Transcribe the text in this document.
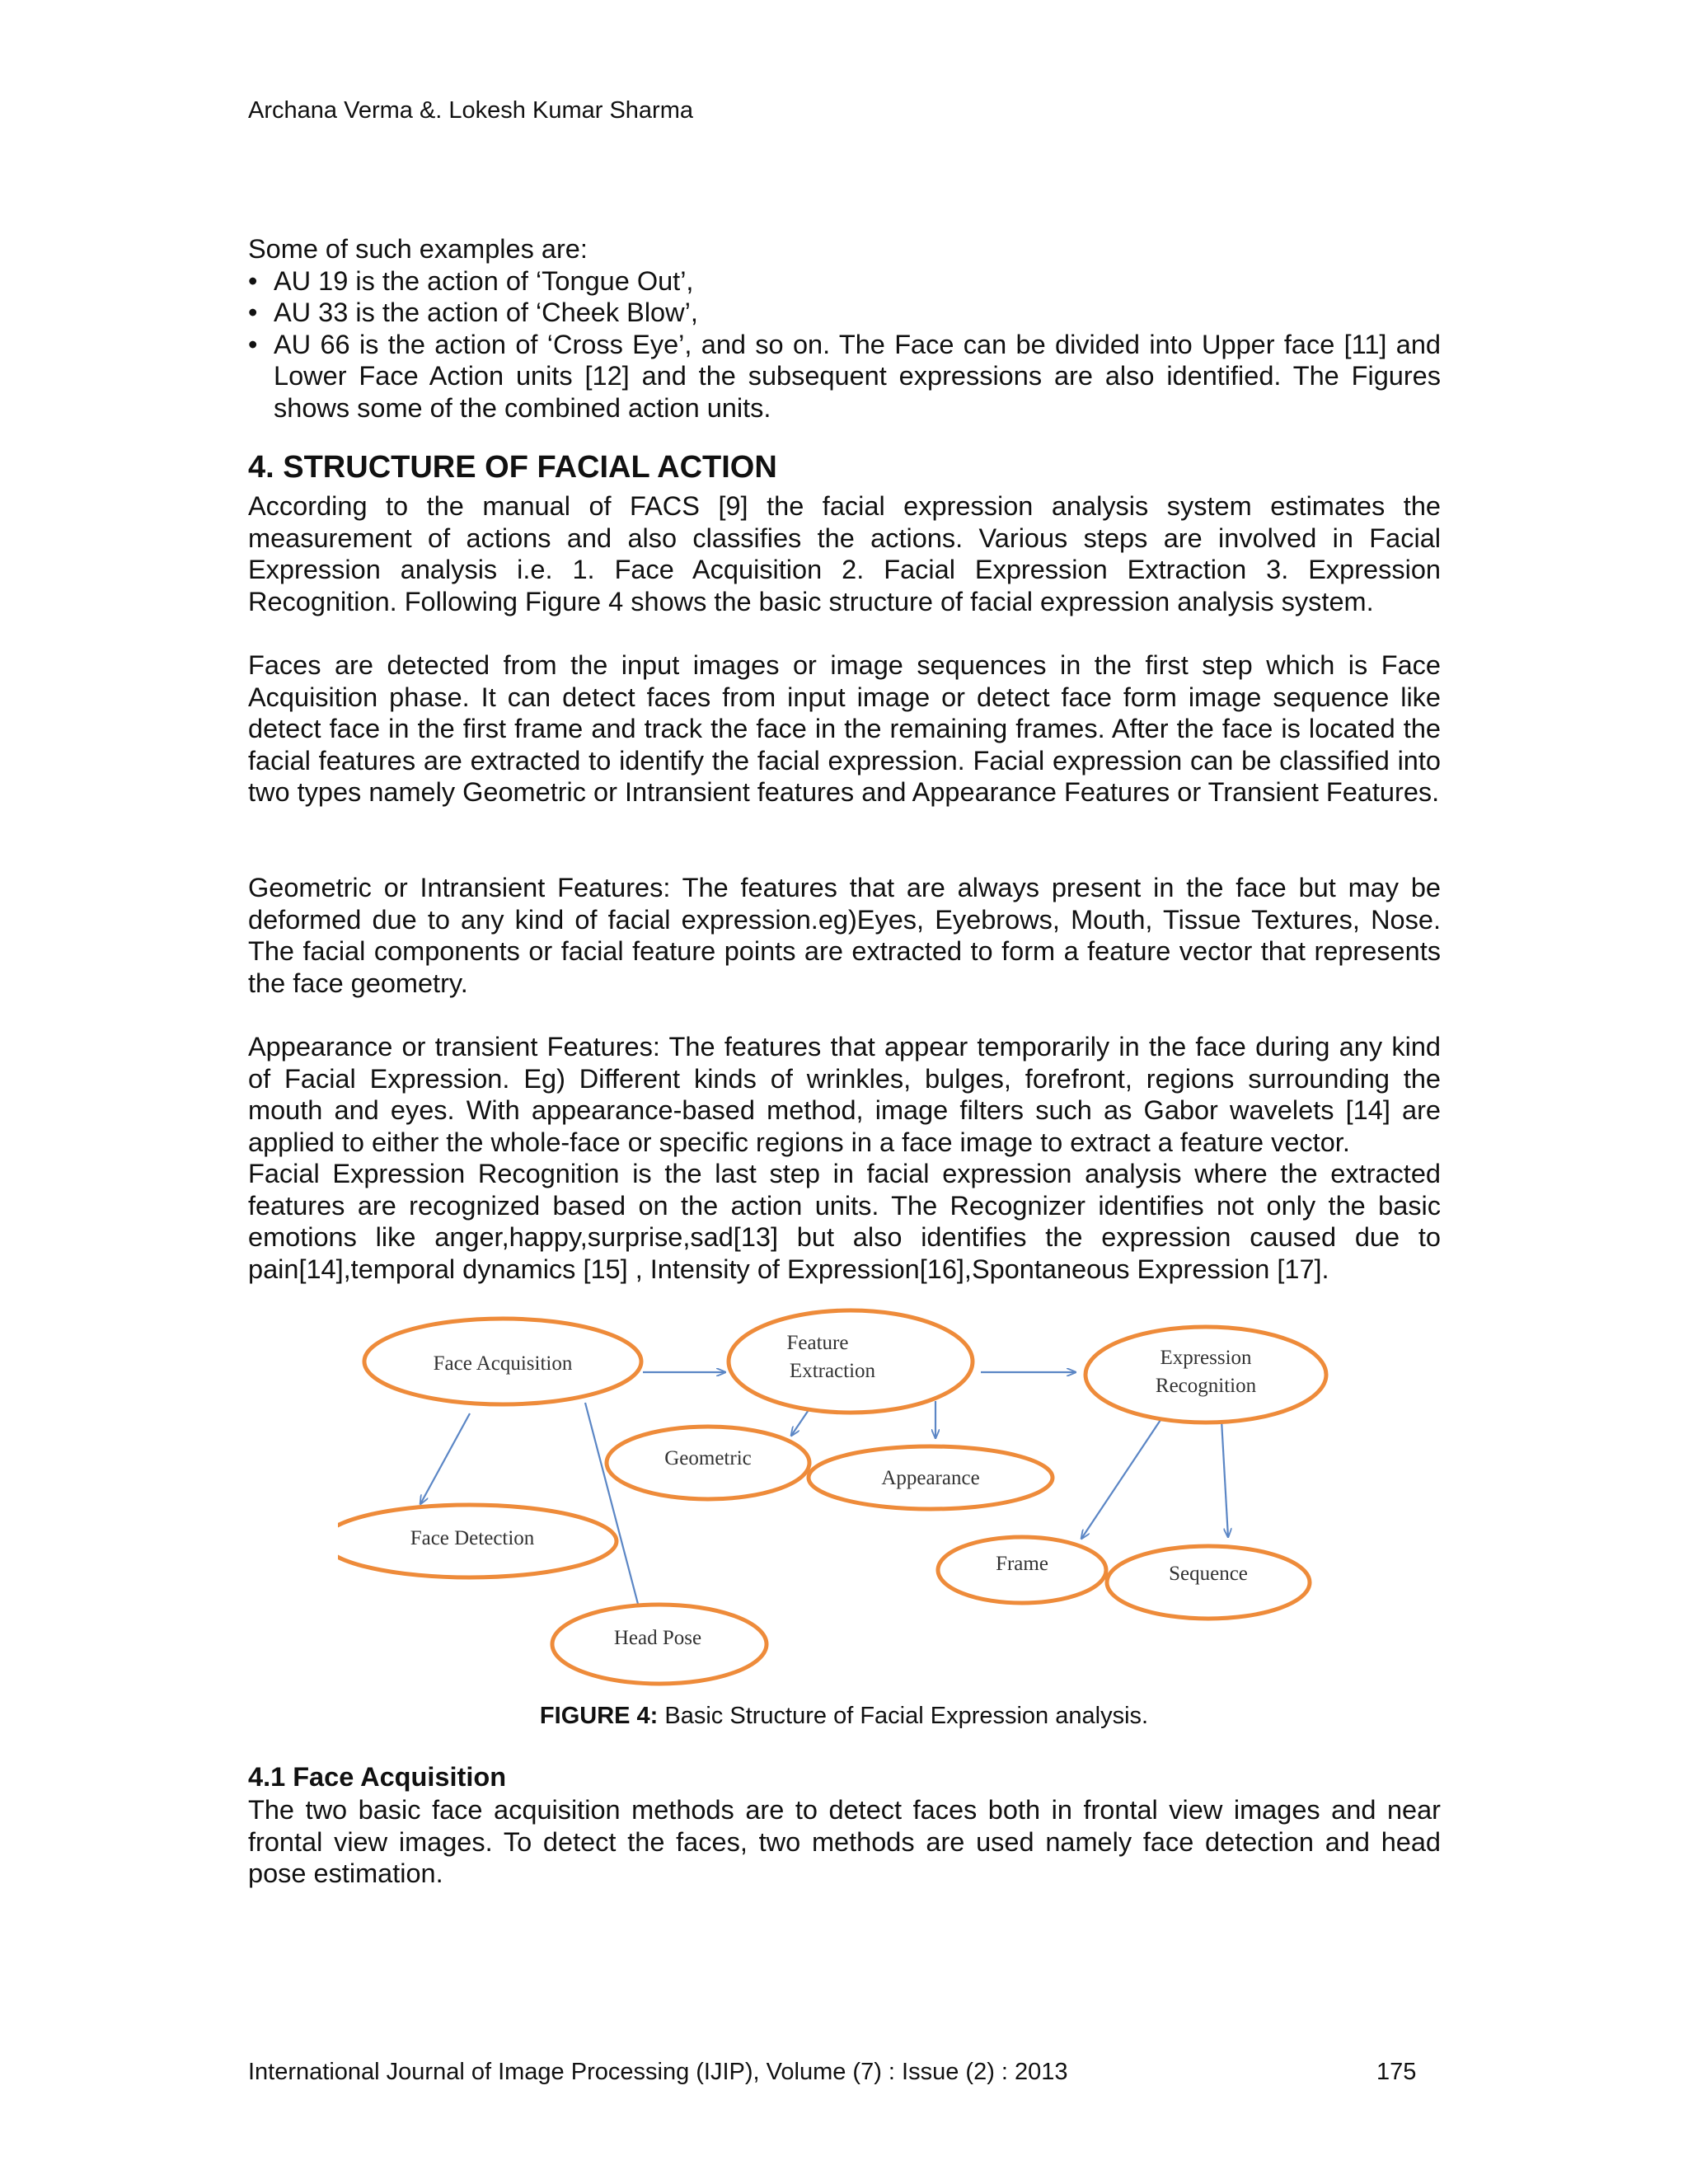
Archana Verma &. Lokesh Kumar Sharma

Some of such examples are:

• AU 19 is the action of ‘Tongue Out’,
• AU 33 is the action of ‘Cheek Blow’,
• AU 66 is the action of ‘Cross Eye’, and so on. The Face can be divided into Upper face [11] and Lower Face Action units [12] and the subsequent expressions are also identified. The Figures shows some of the combined action units.
4. STRUCTURE OF FACIAL ACTION

According to the manual of FACS [9] the facial expression analysis system estimates the measurement of actions and also classifies the actions. Various steps are involved in Facial Expression analysis i.e. 1. Face Acquisition 2. Facial Expression Extraction 3. Expression Recognition. Following Figure 4 shows the basic structure of facial expression analysis system.

Faces are detected from the input images or image sequences in the first step which is Face Acquisition phase. It can detect faces from input image or detect face form image sequence like detect face in the first frame and track the face in the remaining frames. After the face is located the facial features are extracted to identify the facial expression. Facial expression can be classified into two types namely Geometric or Intransient features and Appearance Features or Transient Features.

Geometric or Intransient Features: The features that are always present in the face but may be deformed due to any kind of facial expression.eg)Eyes, Eyebrows, Mouth, Tissue Textures, Nose. The facial components or facial feature points are extracted to form a feature vector that represents the face geometry.

Appearance or transient Features: The features that appear temporarily in the face during any kind of Facial Expression. Eg) Different kinds of wrinkles, bulges, forefront, regions surrounding the mouth and eyes. With appearance-based method, image filters such as Gabor wavelets [14] are applied to either the whole-face or specific regions in a face image to extract a feature vector.

Facial Expression Recognition is the last step in facial expression analysis where the extracted features are recognized based on the action units. The Recognizer identifies not only the basic emotions like anger,happy,surprise,sad[13] but also identifies the expression caused due to pain[14],temporal dynamics [15] , Intensity of Expression[16],Spontaneous Expression [17].

Face Acquisition
Feature
Extraction
Expression
Recognition
Geometric
Appearance
Face Detection
Head Pose
Frame	Sequence
FIGURE 4: Basic Structure of Facial Expression analysis.
4.1 Face Acquisition

The two basic face acquisition methods are to detect faces both in frontal view images and near frontal view images. To detect the faces, two methods are used namely face detection and head pose estimation.

International Journal of Image Processing (IJIP), Volume (7) : Issue (2) : 2013	175
